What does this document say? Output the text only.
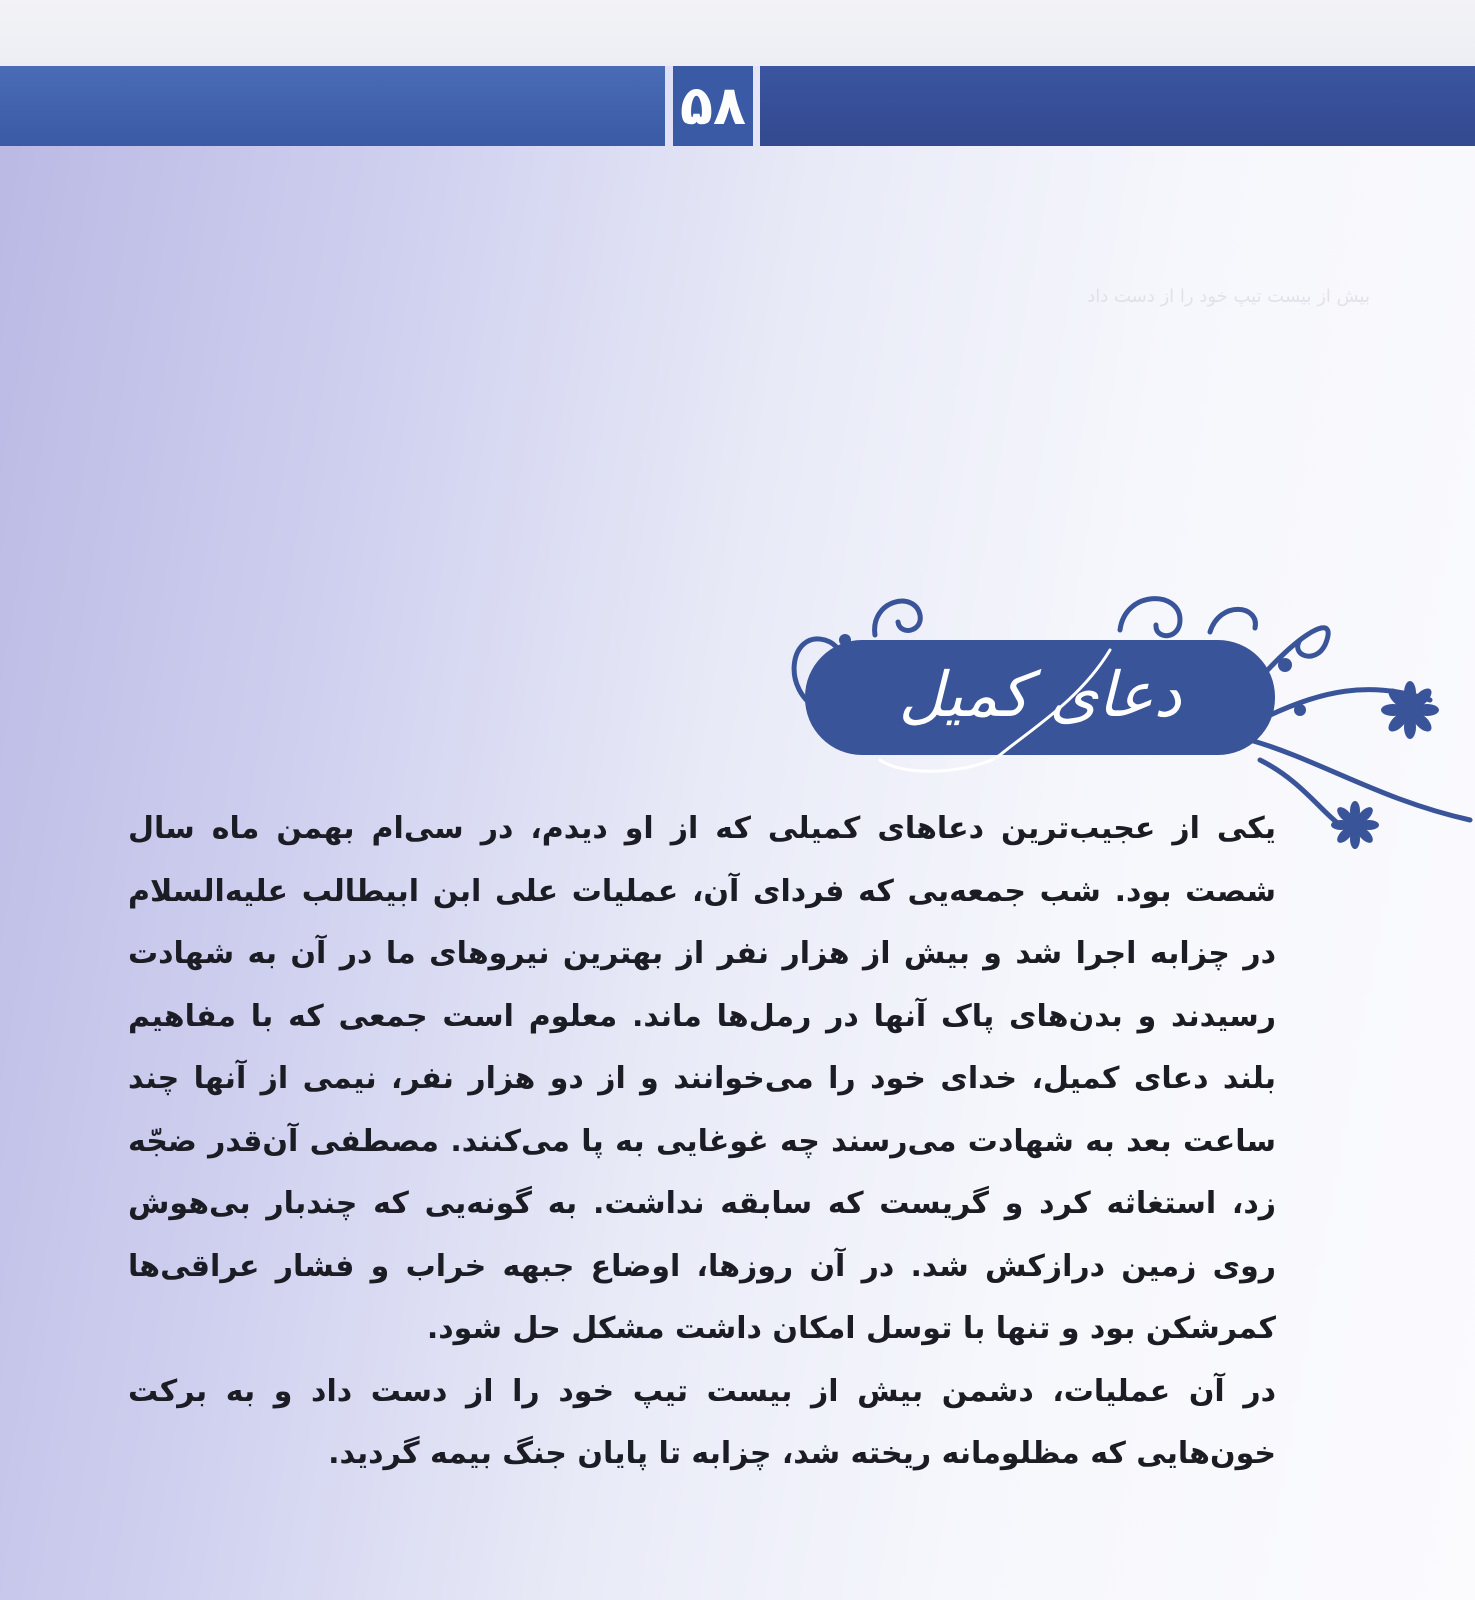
۵۸
بیش از بیست تیپ خود را از دست داد
دعای کمیل

یکی از عجیب‌ترین دعاهای کمیلی که از او دیدم، در سی‌ام بهمن ماه سال شصت بود. شب جمعه‌یی که فردای آن، عملیات علی ابن ابیطالب علیه‌السلام در چزابه اجرا شد و بیش از هزار نفر از بهترین نیروهای ما در آن به شهادت رسیدند و بدن‌های پاک آنها در رمل‌ها ماند. معلوم است جمعی که با مفاهیم بلند دعای کمیل، خدای خود را می‌خوانند و از دو هزار نفر، نیمی از آنها چند ساعت بعد به شهادت می‌رسند چه غوغایی به پا می‌کنند. مصطفی آن‌قدر ضجّه زد، استغاثه کرد و گریست که سابقه نداشت. به گونه‌یی که چندبار بی‌هوش روی زمین درازکش شد. در آن روزها، اوضاع جبهه خراب و فشار عراقی‌ها کمرشکن بود و تنها با توسل امکان داشت مشکل حل شود.

در آن عملیات، دشمن بیش از بیست تیپ خود را از دست داد و به برکت خون‌هایی که مظلومانه ریخته شد، چزابه تا پایان جنگ بیمه گردید.
